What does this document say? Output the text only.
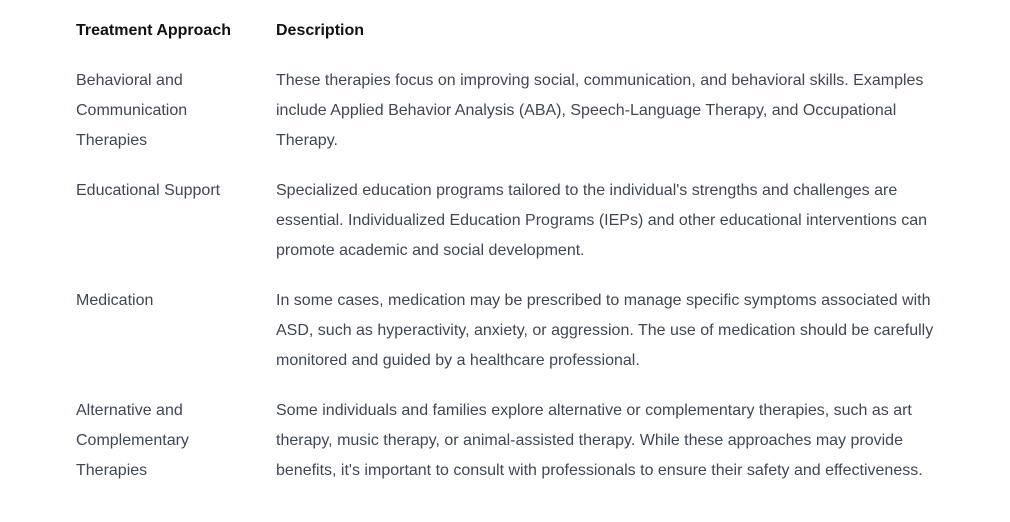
Treatment Approach	Description
Behavioral and Communication Therapies	These therapies focus on improving social, communication, and behavioral skills. Examples include Applied Behavior Analysis (ABA), Speech-Language Therapy, and Occupational Therapy.
Educational Support	Specialized education programs tailored to the individual's strengths and challenges are essential. Individualized Education Programs (IEPs) and other educational interventions can promote academic and social development.
Medication	In some cases, medication may be prescribed to manage specific symptoms associated with ASD, such as hyperactivity, anxiety, or aggression. The use of medication should be carefully monitored and guided by a healthcare professional.
Alternative and Complementary Therapies	Some individuals and families explore alternative or complementary therapies, such as art therapy, music therapy, or animal-assisted therapy. While these approaches may provide benefits, it's important to consult with professionals to ensure their safety and effectiveness.
